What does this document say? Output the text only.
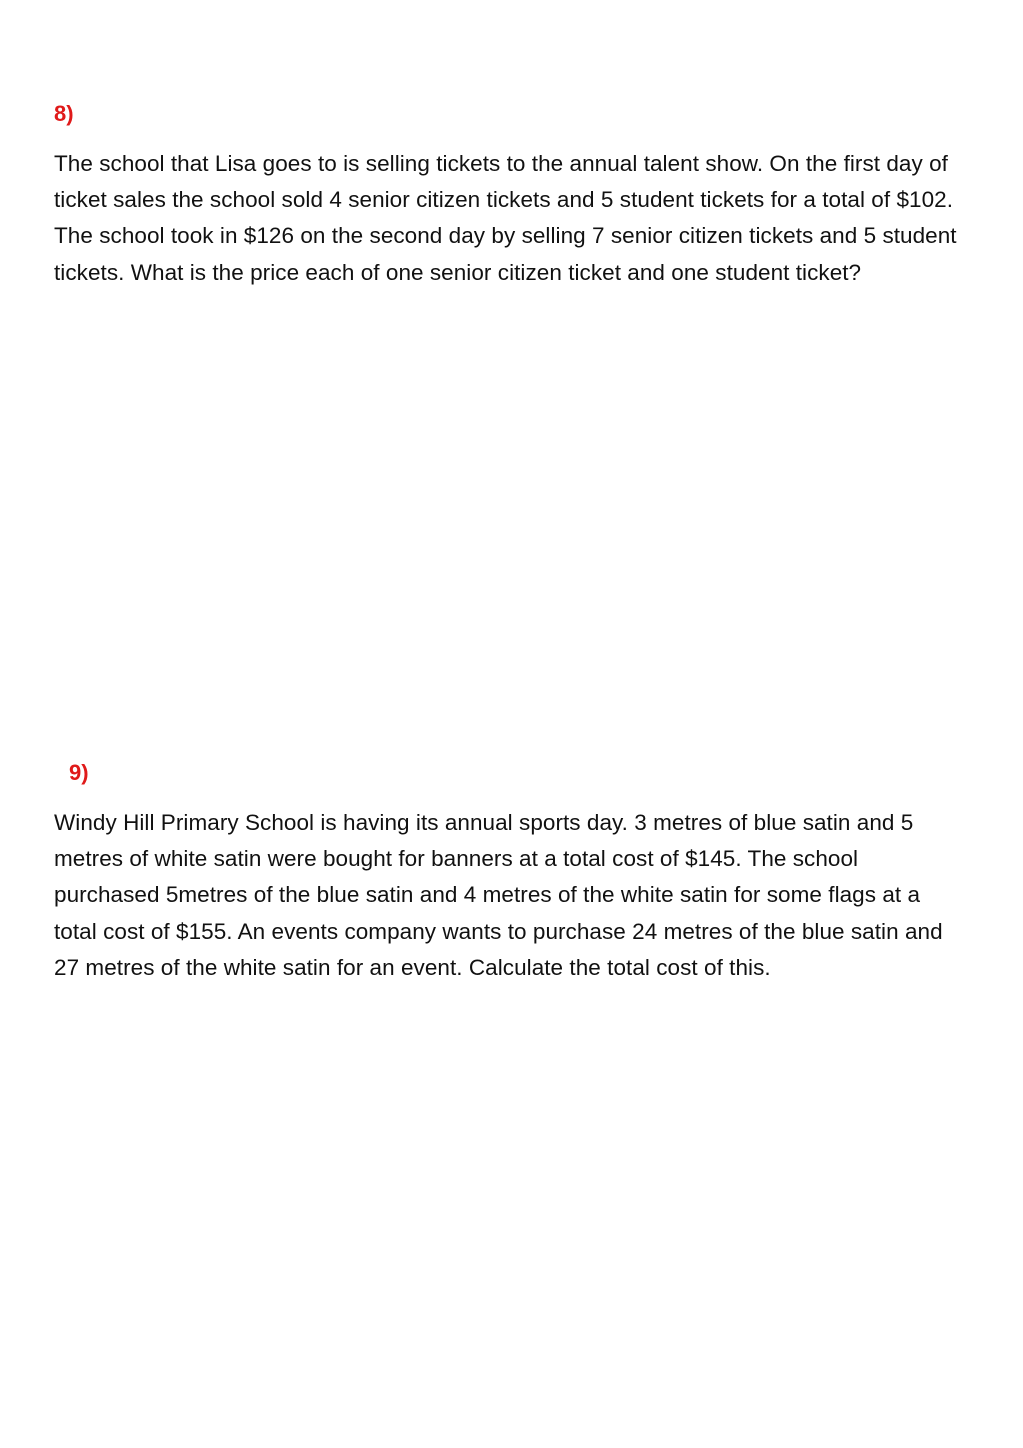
8)

The school that Lisa goes to is selling tickets to the annual talent show. On the first day of ticket sales the school sold 4 senior citizen tickets and 5 student tickets for a total of $102. The school took in $126 on the second day by selling 7 senior citizen tickets and 5 student tickets. What is the price each of one senior citizen ticket and one student ticket?

9)

Windy Hill Primary School is having its annual sports day. 3 metres of blue satin and 5 metres of white satin were bought for banners at a total cost of $145. The school purchased 5metres of the blue satin and 4 metres of the white satin for some flags at a total cost of $155. An events company wants to purchase 24 metres of the blue satin and 27 metres of the white satin for an event. Calculate the total cost of this.
